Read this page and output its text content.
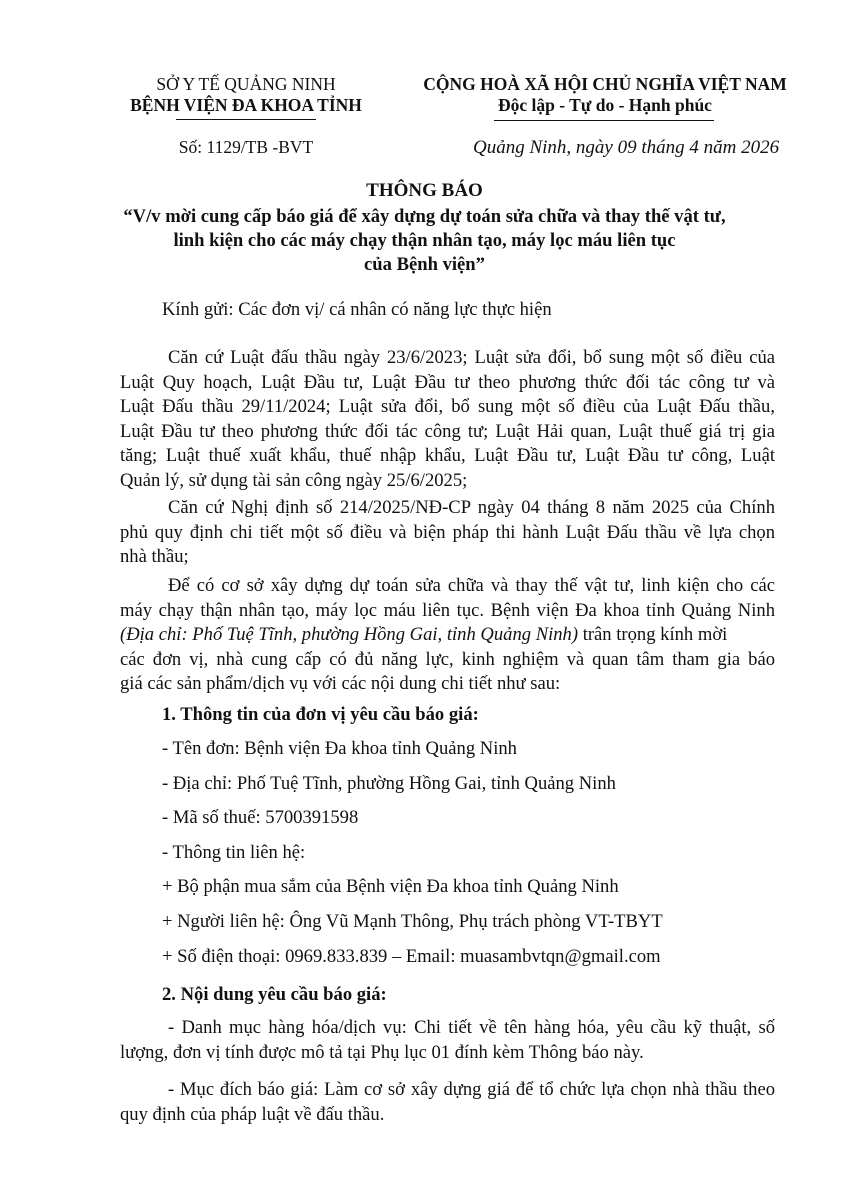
SỞ Y TẾ QUẢNG NINH
BỆNH VIỆN ĐA KHOA TỈNH
CỘNG HOÀ XÃ HỘI CHỦ NGHĨA VIỆT NAM
Độc lập - Tự do - Hạnh phúc
Số: 1129/TB -BVT	Quảng Ninh, ngày 09 tháng 4 năm 2026
THÔNG BÁO
“V/v mời cung cấp báo giá để xây dựng dự toán sửa chữa và thay thế vật tư,
linh kiện cho các máy chạy thận nhân tạo, máy lọc máu liên tục
của Bệnh viện”
Kính gửi: Các đơn vị/ cá nhân có năng lực thực hiện
Căn cứ Luật đấu thầu ngày 23/6/2023; Luật sửa đổi, bổ sung một số điều của
Luật Quy hoạch, Luật Đầu tư, Luật Đầu tư theo phương thức đối tác công tư và
Luật Đấu thầu 29/11/2024; Luật sửa đổi, bổ sung một số điều của Luật Đấu thầu,
Luật Đầu tư theo phương thức đối tác công tư; Luật Hải quan, Luật thuế giá trị gia
tăng; Luật thuế xuất khẩu, thuế nhập khẩu, Luật Đầu tư, Luật Đầu tư công, Luật
Quản lý, sử dụng tài sản công ngày 25/6/2025;
Căn cứ Nghị định số 214/2025/NĐ-CP ngày 04 tháng 8 năm 2025 của Chính
phủ quy định chi tiết một số điều và biện pháp thi hành Luật Đấu thầu về lựa chọn
nhà thầu;
Để có cơ sở xây dựng dự toán sửa chữa và thay thế vật tư, linh kiện cho các
máy chạy thận nhân tạo, máy lọc máu liên tục. Bệnh viện Đa khoa tỉnh Quảng Ninh
(Địa chỉ: Phố Tuệ Tĩnh, phường Hồng Gai, tỉnh Quảng Ninh) trân trọng kính mời
các đơn vị, nhà cung cấp có đủ năng lực, kinh nghiệm và quan tâm tham gia báo
giá các sản phẩm/dịch vụ với các nội dung chi tiết như sau:
1. Thông tin của đơn vị yêu cầu báo giá:
- Tên đơn: Bệnh viện Đa khoa tỉnh Quảng Ninh
- Địa chỉ: Phố Tuệ Tĩnh, phường Hồng Gai, tỉnh Quảng Ninh
- Mã số thuế: 5700391598
- Thông tin liên hệ:
+ Bộ phận mua sắm của Bệnh viện Đa khoa tỉnh Quảng Ninh
+ Người liên hệ: Ông Vũ Mạnh Thông, Phụ trách phòng VT-TBYT
+ Số điện thoại: 0969.833.839 – Email: muasambvtqn@gmail.com
2. Nội dung yêu cầu báo giá:
- Danh mục hàng hóa/dịch vụ: Chi tiết về tên hàng hóa, yêu cầu kỹ thuật, số
lượng, đơn vị tính được mô tả tại Phụ lục 01 đính kèm Thông báo này.
- Mục đích báo giá: Làm cơ sở xây dựng giá để tổ chức lựa chọn nhà thầu theo
quy định của pháp luật về đấu thầu.
